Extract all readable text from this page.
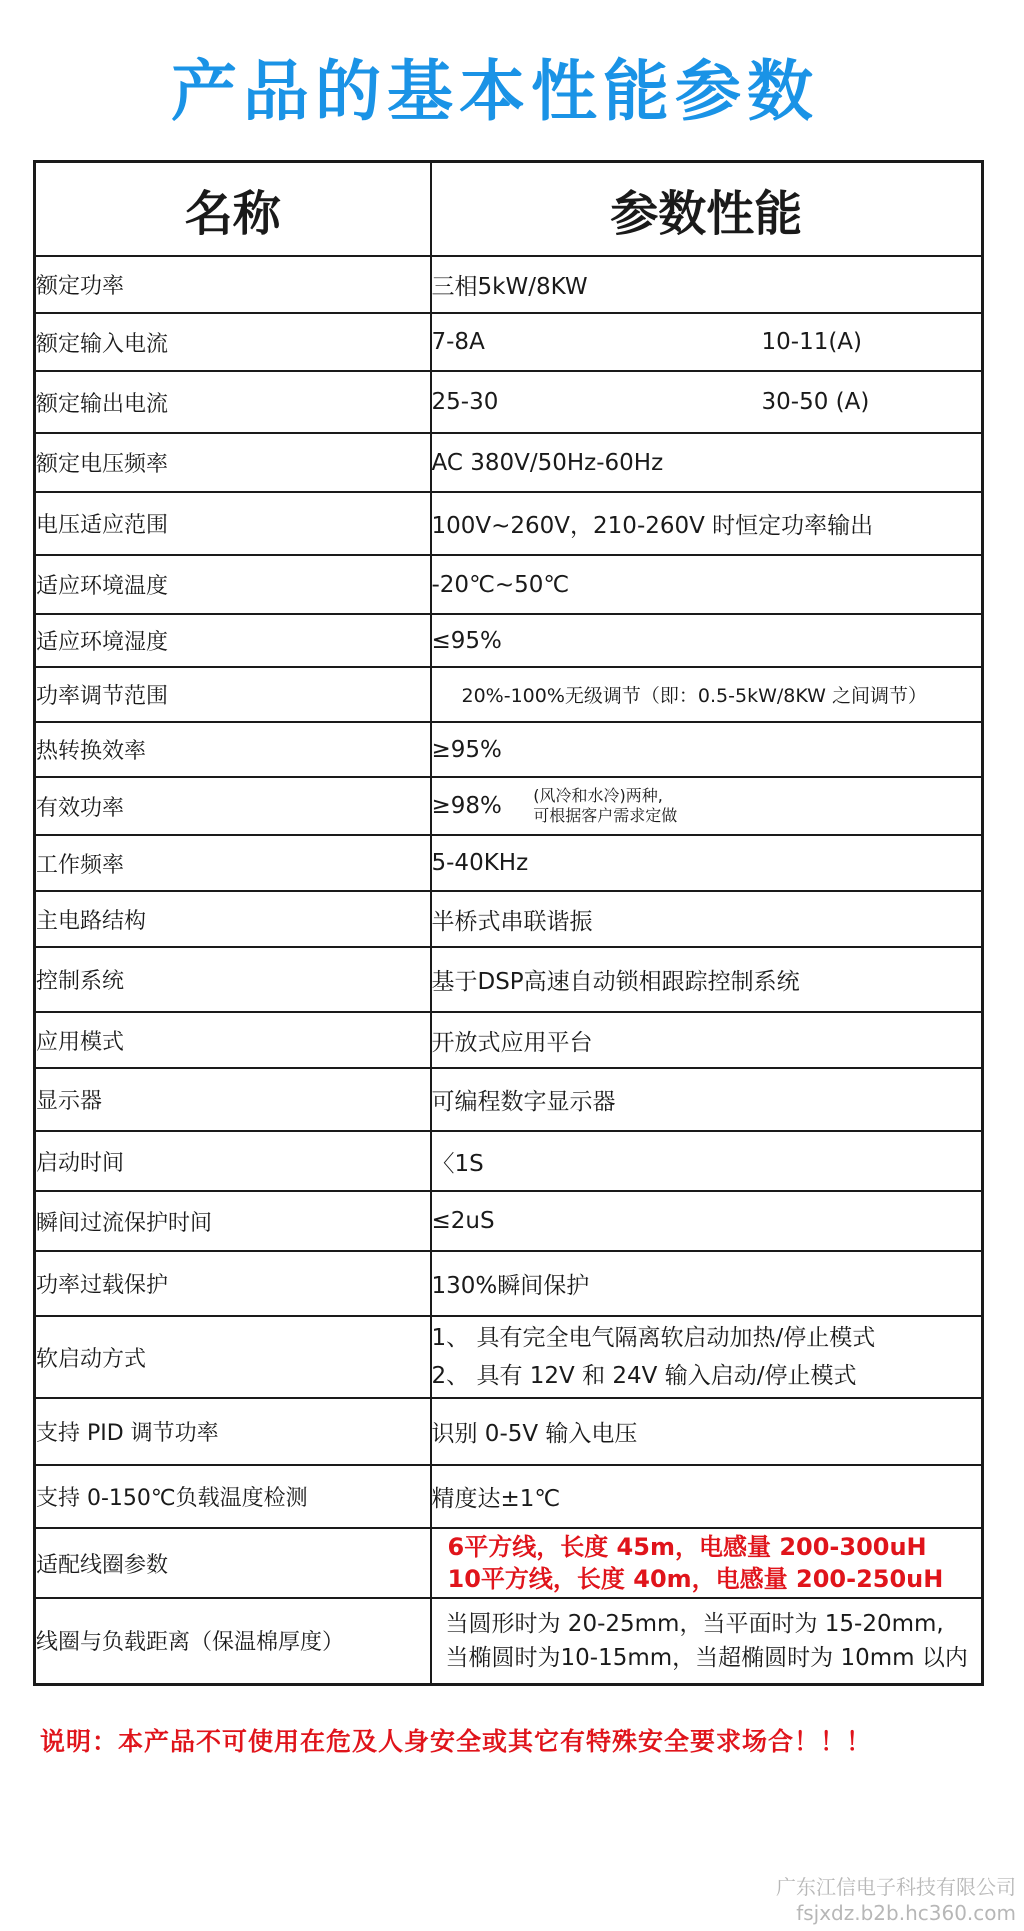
产品的基本性能参数
名称	参数性能
额定功率	三相5kW/8KW
额定输入电流	7-8A 10-11(A)

额定输出电流	25-30 30-50 (A)

额定电压频率	AC 380V/50Hz-60Hz
电压适应范围	100V~260V，210-260V 时恒定功率输出
适应环境温度	-20℃~50℃
适应环境湿度	≤95%
功率调节范围	20%-100%无级调节（即：0.5-5kW/8KW 之间调节）
热转换效率	≥95%
有效功率	≥98% (风冷和水冷)两种,
可根据客户需求定做
工作频率	5-40KHz
主电路结构	半桥式串联谐振
控制系统	基于DSP高速自动锁相跟踪控制系统
应用模式	开放式应用平台
显示器	可编程数字显示器
启动时间	〈1S
瞬间过流保护时间	≤2uS
功率过载保护	130%瞬间保护
软启动方式	1、 具有完全电气隔离软启动加热/停止模式
2、 具有 12V 和 24V 输入启动/停止模式

支持 PID 调节功率	识别 0-5V 输入电压
支持 0-150℃负载温度检测	精度达±1℃
适配线圈参数	6平方线，长度 45m，电感量 200-300uH
10平方线，长度 40m，电感量 200-250uH

线圈与负载距离（保温棉厚度）	当圆形时为 20-25mm，当平面时为 15-20mm,
当椭圆时为10-15mm，当超椭圆时为 10mm 以内
说明：本产品不可使用在危及人身安全或其它有特殊安全要求场合！！！
广东江信电子科技有限公司
fsjxdz.b2b.hc360.com
